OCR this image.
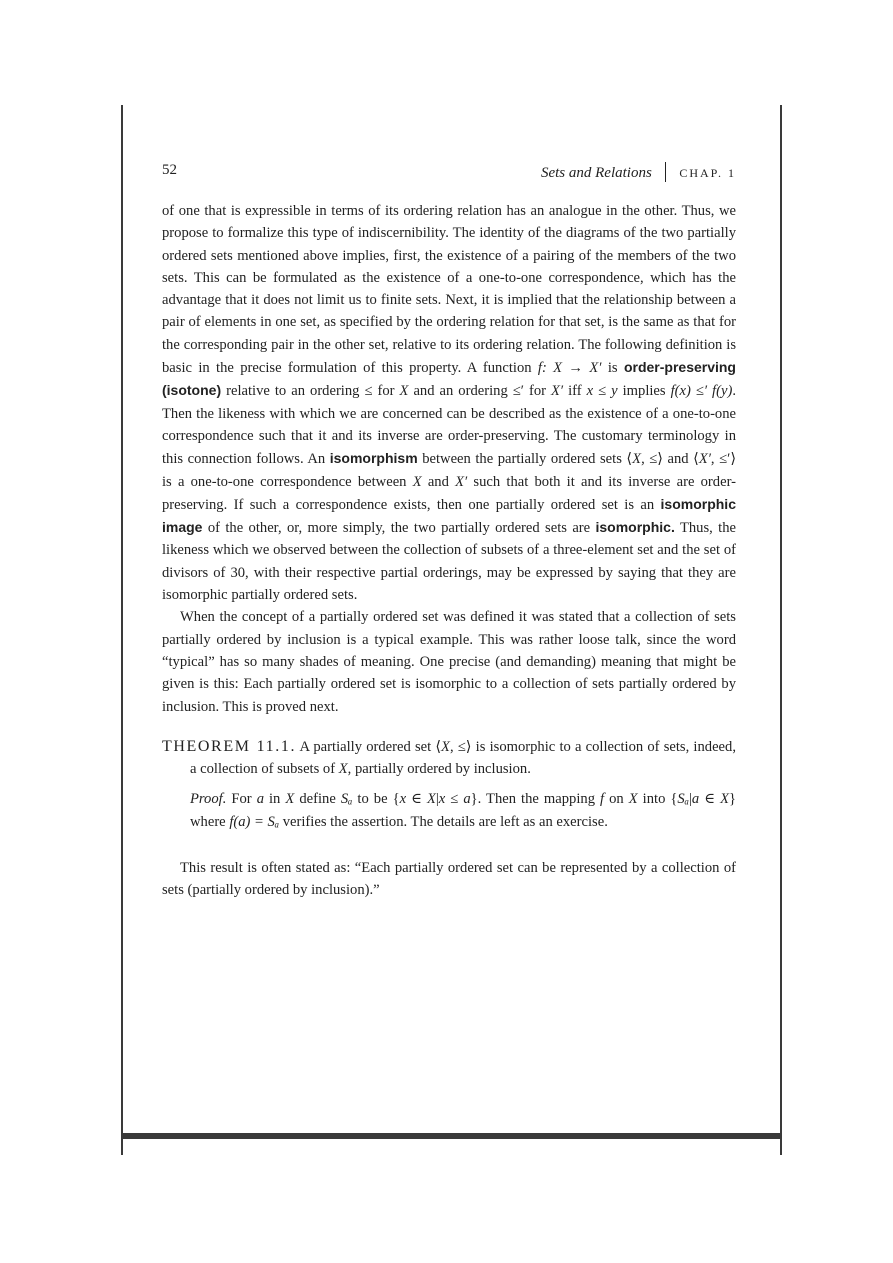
52	Sets and Relations CHAP. 1

of one that is expressible in terms of its ordering relation has an analogue in the other. Thus, we propose to formalize this type of indiscernibility. The identity of the diagrams of the two partially ordered sets mentioned above implies, first, the existence of a pairing of the members of the two sets. This can be formulated as the existence of a one-to-one correspondence, which has the advantage that it does not limit us to finite sets. Next, it is implied that the relationship between a pair of elements in one set, as specified by the ordering relation for that set, is the same as that for the corresponding pair in the other set, relative to its ordering relation. The following definition is basic in the precise formulation of this property. A function f: X → X′ is order-preserving (isotone) relative to an ordering ≤ for X and an ordering ≤′ for X′ iff x ≤ y implies f(x) ≤′ f(y). Then the likeness with which we are concerned can be described as the existence of a one-to-one correspondence such that it and its inverse are order-preserving. The customary terminology in this connection follows. An isomorphism between the partially ordered sets ⟨X, ≤⟩ and ⟨X′, ≤′⟩ is a one-to-one correspondence between X and X′ such that both it and its inverse are order-preserving. If such a correspondence exists, then one partially ordered set is an isomorphic image of the other, or, more simply, the two partially ordered sets are isomorphic. Thus, the likeness which we observed between the collection of subsets of a three-element set and the set of divisors of 30, with their respective partial orderings, may be expressed by saying that they are isomorphic partially ordered sets.

When the concept of a partially ordered set was defined it was stated that a collection of sets partially ordered by inclusion is a typical example. This was rather loose talk, since the word “typical” has so many shades of meaning. One precise (and demanding) meaning that might be given is this: Each partially ordered set is isomorphic to a collection of sets partially ordered by inclusion. This is proved next.

THEOREM 11.1. A partially ordered set ⟨X, ≤⟩ is isomorphic to a collection of sets, indeed, a collection of subsets of X, partially ordered by inclusion.

Proof. For a in X define Sₐ to be {x ∈ X|x ≤ a}. Then the mapping f on X into {Sₐ|a ∈ X} where f(a) = Sₐ verifies the assertion. The details are left as an exercise.

This result is often stated as: “Each partially ordered set can be represented by a collection of sets (partially ordered by inclusion).”
